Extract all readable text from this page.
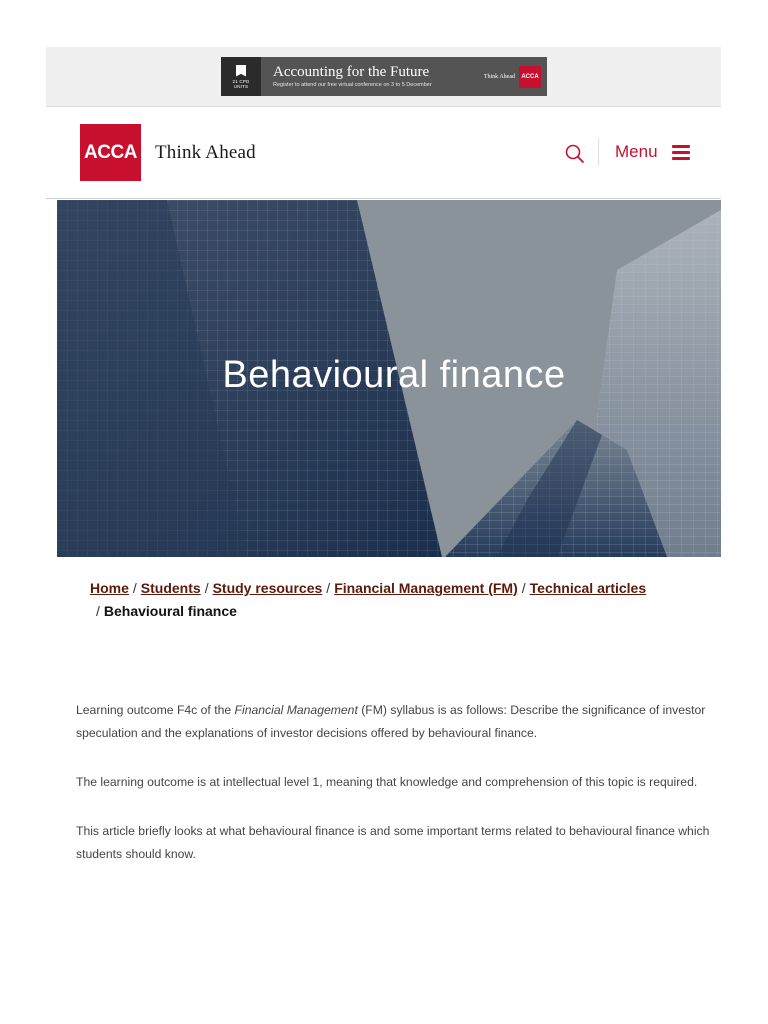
21 CPD
UNITS
Accounting for the Future
Register to attend our free virtual conference on 3 to 5 December
Think Ahead	ACCA
ACCA Think Ahead	Menu
Behavioural finance
Home / Students / Study resources / Financial Management (FM) / Technical articles
/ Behavioural finance

Learning outcome F4c of the Financial Management (FM) syllabus is as follows: Describe the significance of investor speculation and the explanations of investor decisions offered by behavioural finance.

The learning outcome is at intellectual level 1, meaning that knowledge and comprehension of this topic is required.

This article briefly looks at what behavioural finance is and some important terms related to behavioural finance which students should know.
